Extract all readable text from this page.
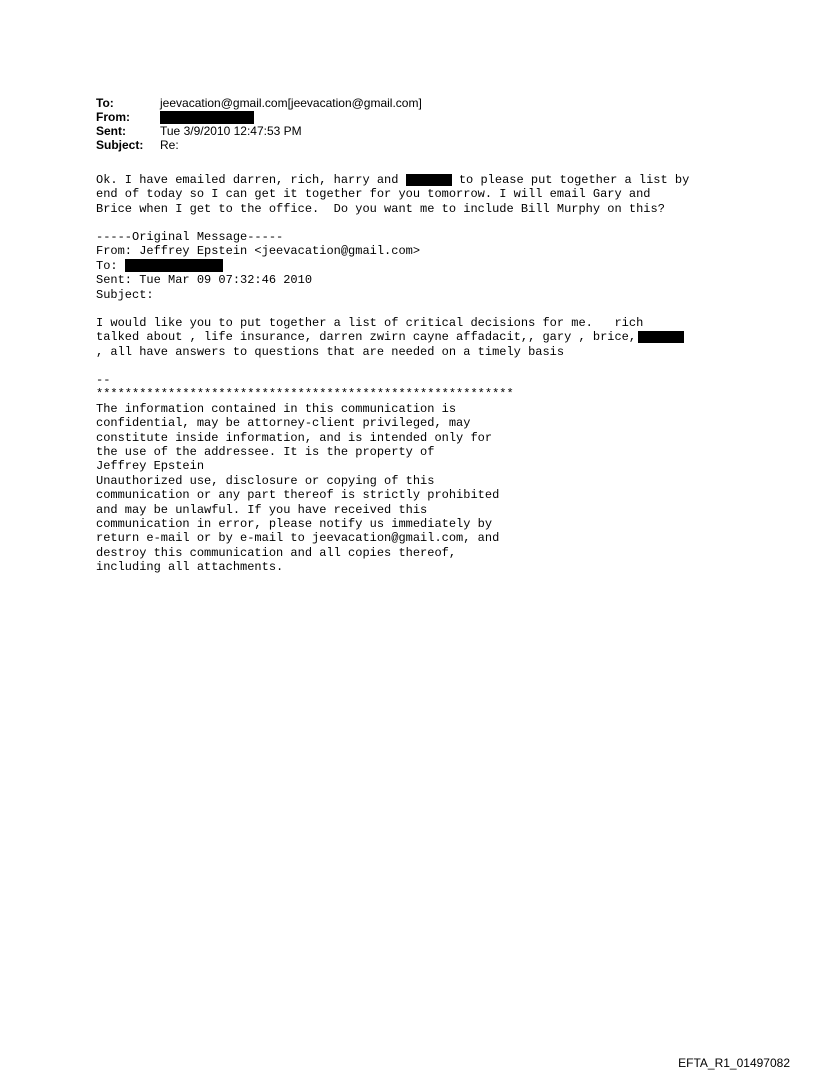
To:	jeevacation@gmail.com[jeevacation@gmail.com]
From:
Sent:	Tue 3/9/2010 12:47:53 PM
Subject:	Re:
Ok. I have emailed darren, rich, harry and	to please put together a list by
end of today so I can get it together for you tomorrow. I will email Gary and
Brice when I get to the office.  Do you want me to include Bill Murphy on this?
-----Original Message-----
From: Jeffrey Epstein <jeevacation@gmail.com>
To:
Sent: Tue Mar 09 07:32:46 2010
Subject:
I would like you to put together a list of critical decisions for me.   rich
talked about , life insurance, darren zwirn cayne affadacit,, gary , brice,
, all have answers to questions that are needed on a timely basis
--
**********************************************************
The information contained in this communication is
confidential, may be attorney-client privileged, may
constitute inside information, and is intended only for
the use of the addressee. It is the property of
Jeffrey Epstein
Unauthorized use, disclosure or copying of this
communication or any part thereof is strictly prohibited
and may be unlawful. If you have received this
communication in error, please notify us immediately by
return e-mail or by e-mail to jeevacation@gmail.com, and
destroy this communication and all copies thereof,
including all attachments.
EFTA_R1_01497082
